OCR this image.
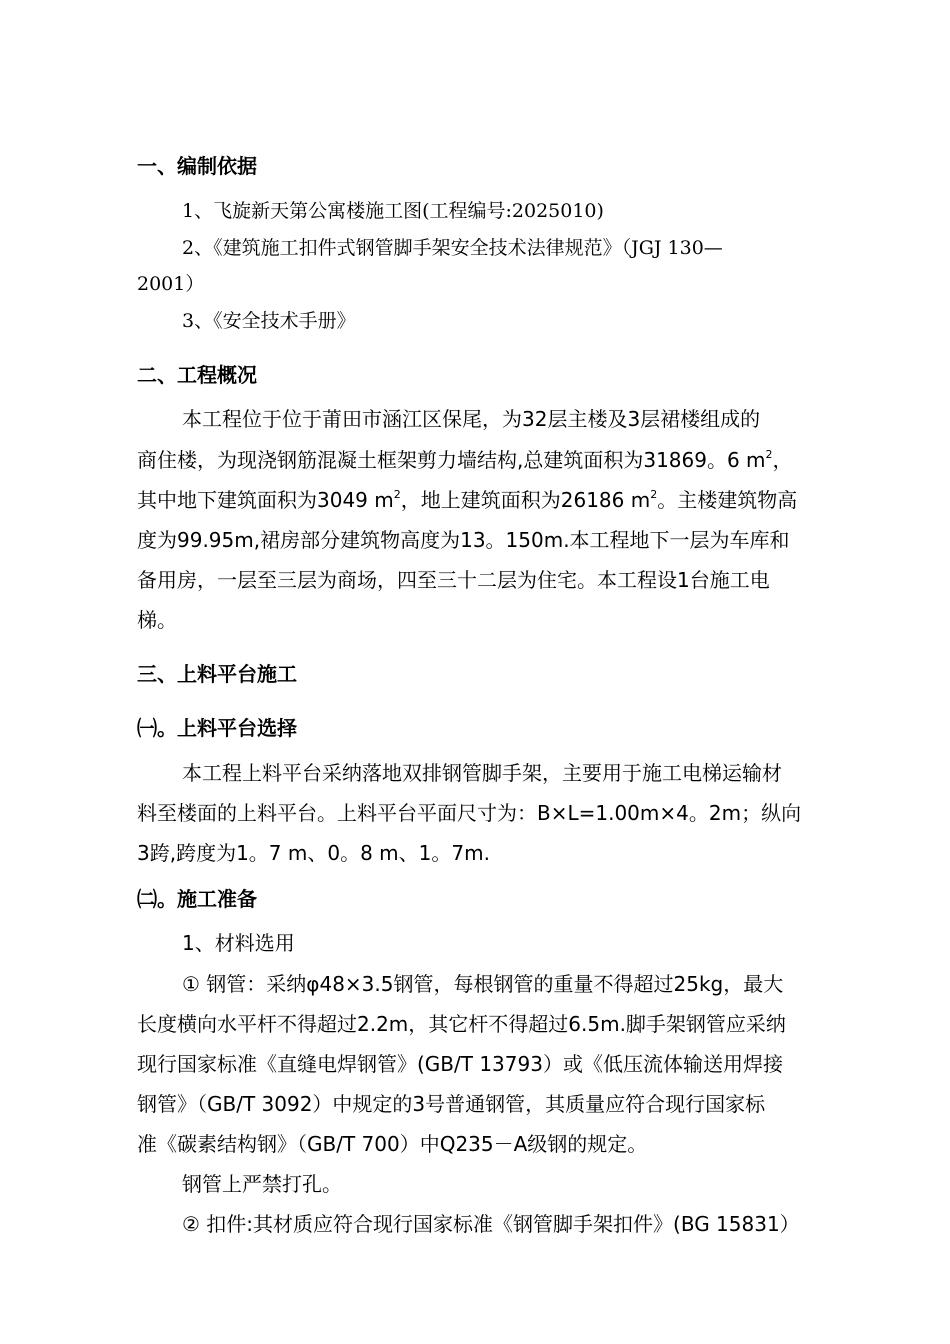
一、编制依据
1、飞旋新天第公寓楼施工图(工程编号:2025010)
2、《建筑施工扣件式钢管脚手架安全技术法律规范》（JGJ 130—
2001）
3、《安全技术手册》
二、工程概况
本工程位于位于莆田市涵江区保尾，为32层主楼及3层裙楼组成的
商住楼，为现浇钢筋混凝土框架剪力墙结构,总建筑面积为31869。6 $m^2$，
其中地下建筑面积为3049 $m^2$，地上建筑面积为26186 $m^2$。主楼建筑物高
度为99.95m,裙房部分建筑物高度为13。150m.本工程地下一层为车库和
备用房，一层至三层为商场，四至三十二层为住宅。本工程设1台施工电
梯。
三、上料平台施工
㈠。上料平台选择
本工程上料平台采纳落地双排钢管脚手架，主要用于施工电梯运输材
料至楼面的上料平台。上料平台平面尺寸为：B×L=1.00m×4。2m；纵向
3跨,跨度为1。7 m、0。8 m、1。7m.
㈡。施工准备
1、材料选用
① 钢管：采纳φ48×3.5钢管，每根钢管的重量不得超过25kg，最大
长度横向水平杆不得超过2.2m，其它杆不得超过6.5m.脚手架钢管应采纳
现行国家标准《直缝电焊钢管》(GB/T 13793）或《低压流体输送用焊接
钢管》（GB/T 3092）中规定的3号普通钢管，其质量应符合现行国家标
准《碳素结构钢》（GB/T 700）中Q235－A级钢的规定。
钢管上严禁打孔。
② 扣件:其材质应符合现行国家标准《钢管脚手架扣件》(BG 15831）
